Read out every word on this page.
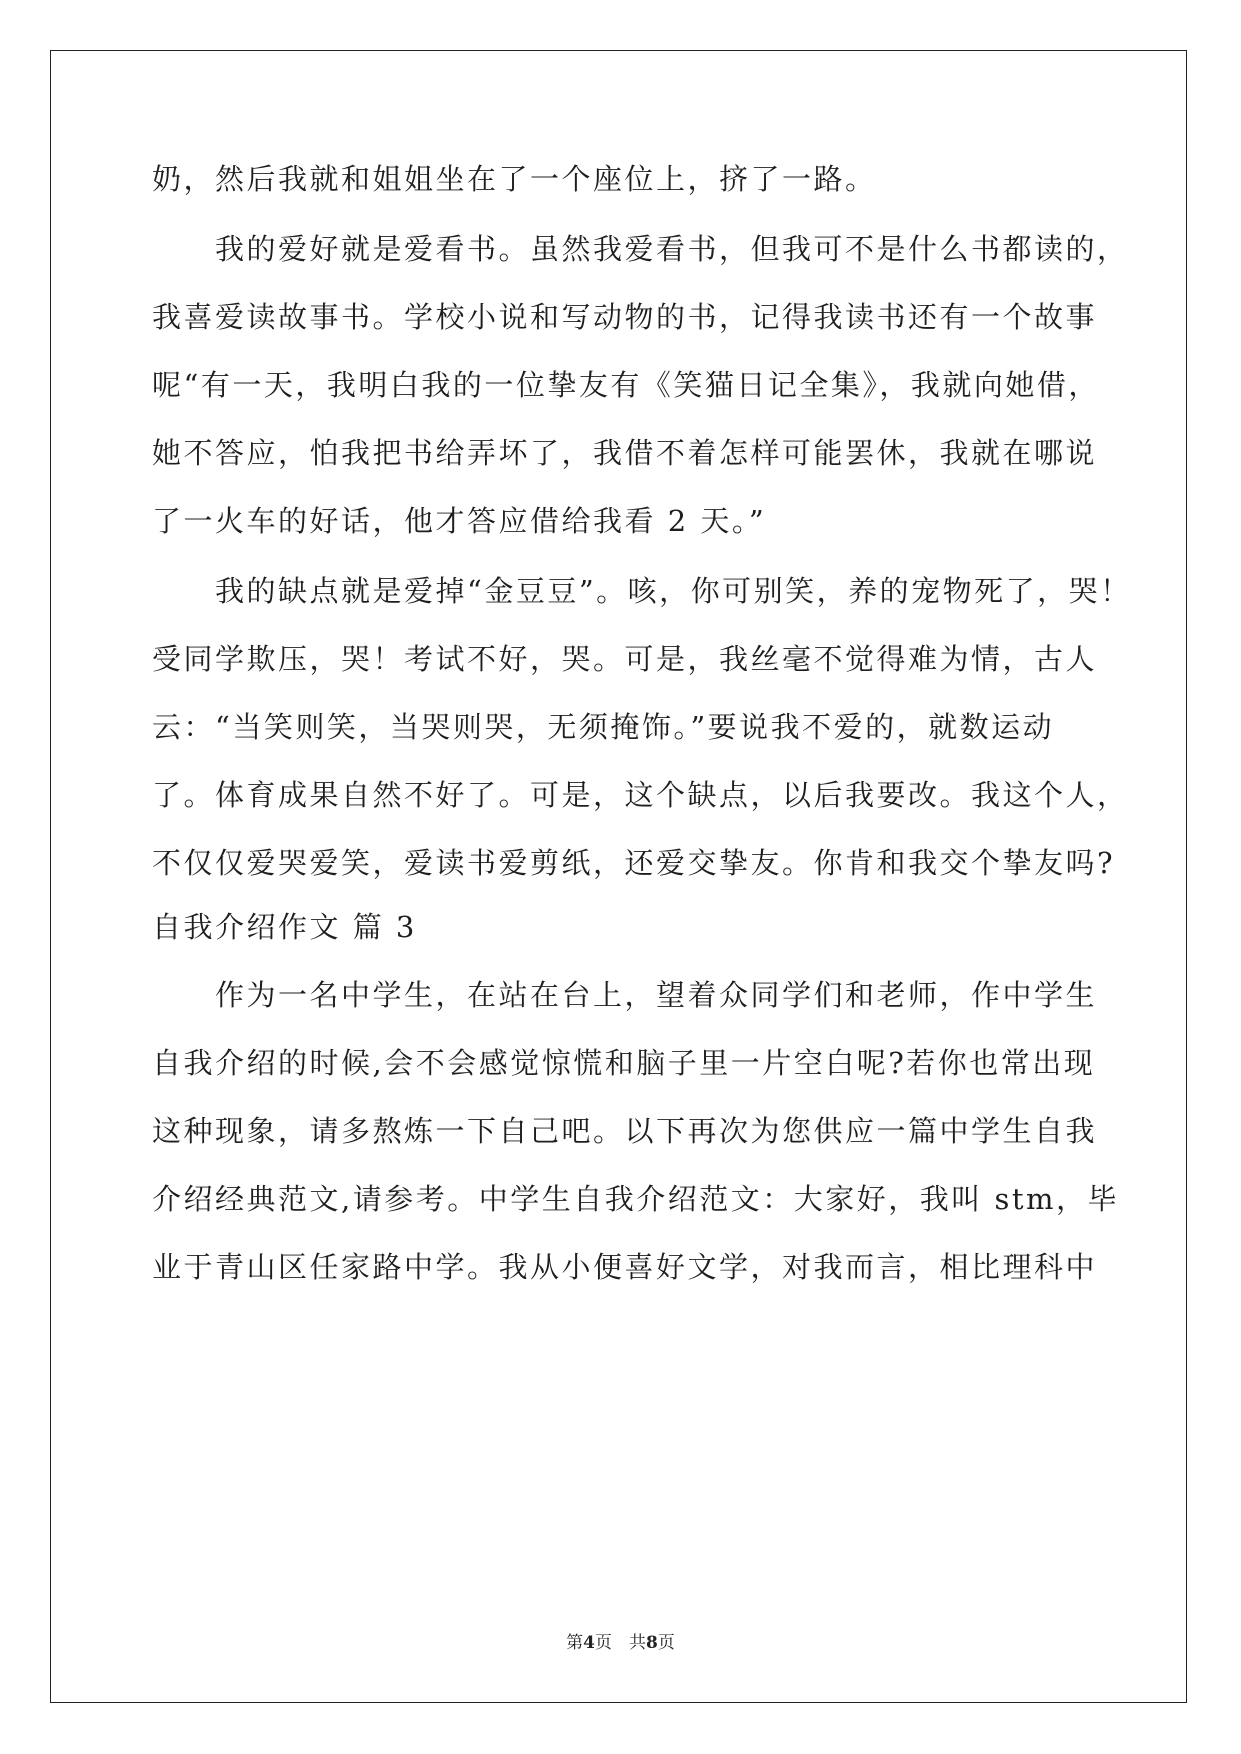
奶，然后我就和姐姐坐在了一个座位上，挤了一路。
　　我的爱好就是爱看书。虽然我爱看书，但我可不是什么书都读的，
我喜爱读故事书。学校小说和写动物的书，记得我读书还有一个故事
呢“有一天，我明白我的一位挚友有《笑猫日记全集》，我就向她借，
她不答应，怕我把书给弄坏了，我借不着怎样可能罢休，我就在哪说
了一火车的好话，他才答应借给我看 2 天。”
　　我的缺点就是爱掉“金豆豆”。咳，你可别笑，养的宠物死了，哭！
受同学欺压，哭！考试不好，哭。可是，我丝毫不觉得难为情，古人
云：“当笑则笑，当哭则哭，无须掩饰。”要说我不爱的，就数运动
了。体育成果自然不好了。可是，这个缺点，以后我要改。我这个人，
不仅仅爱哭爱笑，爱读书爱剪纸，还爱交挚友。你肯和我交个挚友吗?
自我介绍作文 篇 3
　　作为一名中学生，在站在台上，望着众同学们和老师，作中学生
自我介绍的时候,会不会感觉惊慌和脑子里一片空白呢?若你也常出现
这种现象，请多熬炼一下自己吧。以下再次为您供应一篇中学生自我
介绍经典范文,请参考。中学生自我介绍范文：大家好，我叫 stm，毕
业于青山区任家路中学。我从小便喜好文学，对我而言，相比理科中
第4页　共8页
